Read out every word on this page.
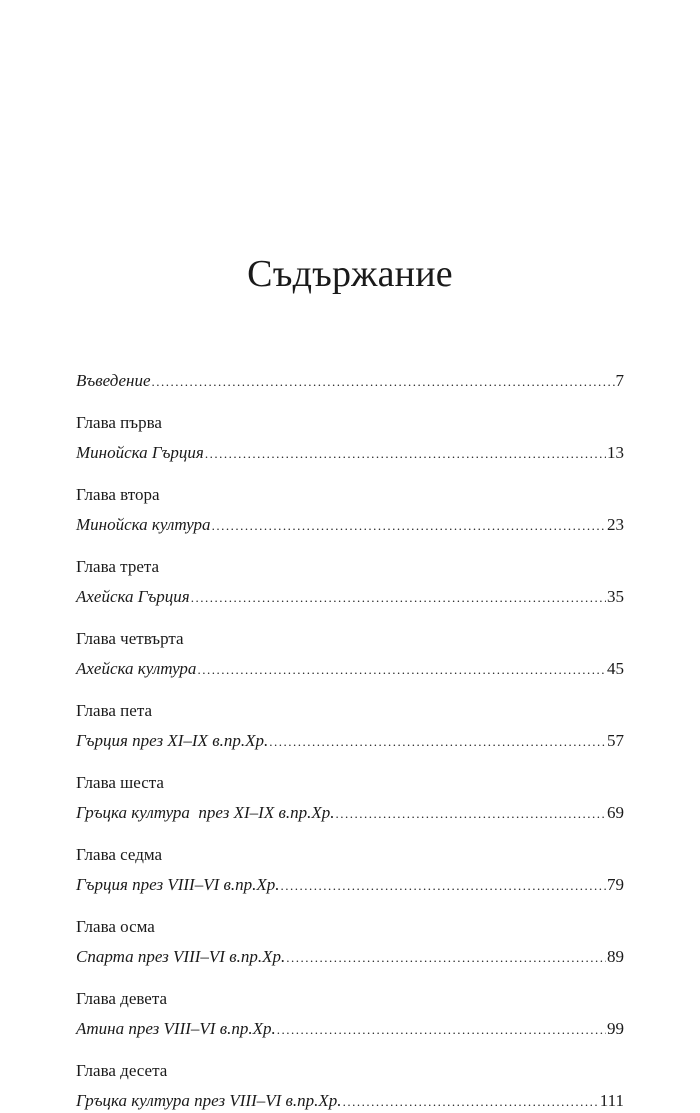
Съдържание
Въведение .....	7
Глава първа
Минойска Гърция .....	13
Глава втора
Минойска култура .....	23
Глава трета
Ахейска Гърция .....	35
Глава четвърта
Ахейска култура .....	45
Глава пета
Гърция през XI–IX в.пр.Хр. .....	57
Глава шеста
Гръцка култура  през XI–IX в.пр.Хр. .....	69
Глава седма
Гърция през VIII–VI в.пр.Хр. .....	79
Глава осма
Спарта през VIII–VI в.пр.Хр. .....	89
Глава девета
Атина през VIII–VI в.пр.Хр. .....	99
Глава десета
Гръцка култура през VIII–VI в.пр.Хр. .....	111
